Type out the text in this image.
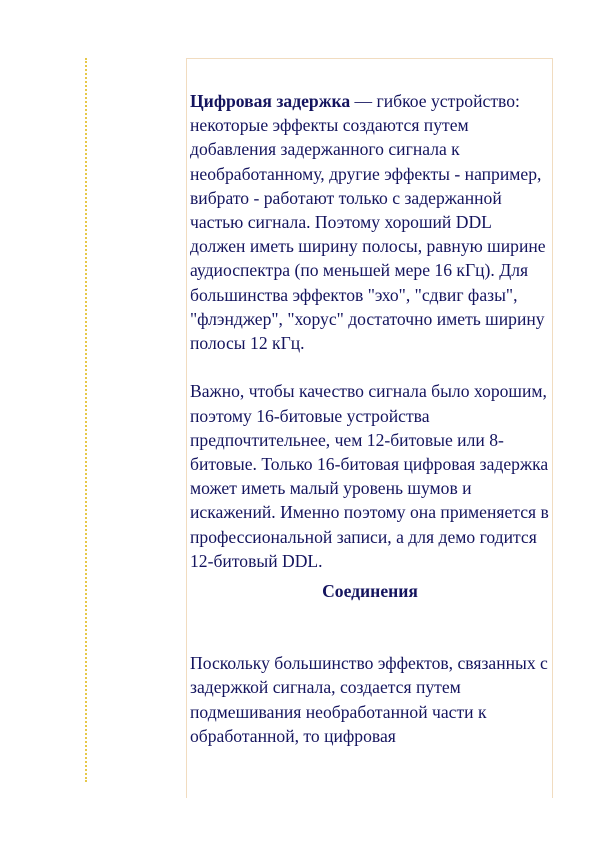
Цифровая задержка — гибкое устройство: некоторые эффекты создаются путем добавления задержанного сигнала к необработанному, другие эффекты - например, вибрато - работают только с задержанной частью сигнала. Поэтому хороший DDL должен иметь ширину полосы, равную ширине аудиоспектра (по меньшей мере 16 кГц). Для большинства эффектов "эхо", "сдвиг фазы", "флэнджер", "хорус" достаточно иметь ширину полосы 12 кГц.

Важно, чтобы качество сигнала было хорошим, поэтому 16-битовые устройства предпочтительнее, чем 12-битовые или 8-битовые. Только 16-битовая цифровая задержка может иметь малый уровень шумов и искажений. Именно поэтому она применяется в профессиональной записи, а для демо годится 12-битовый DDL.

Соединения

Поскольку большинство эффектов, связанных с задержкой сигнала, создается путем подмешивания необработанной части к обработанной, то цифровая
